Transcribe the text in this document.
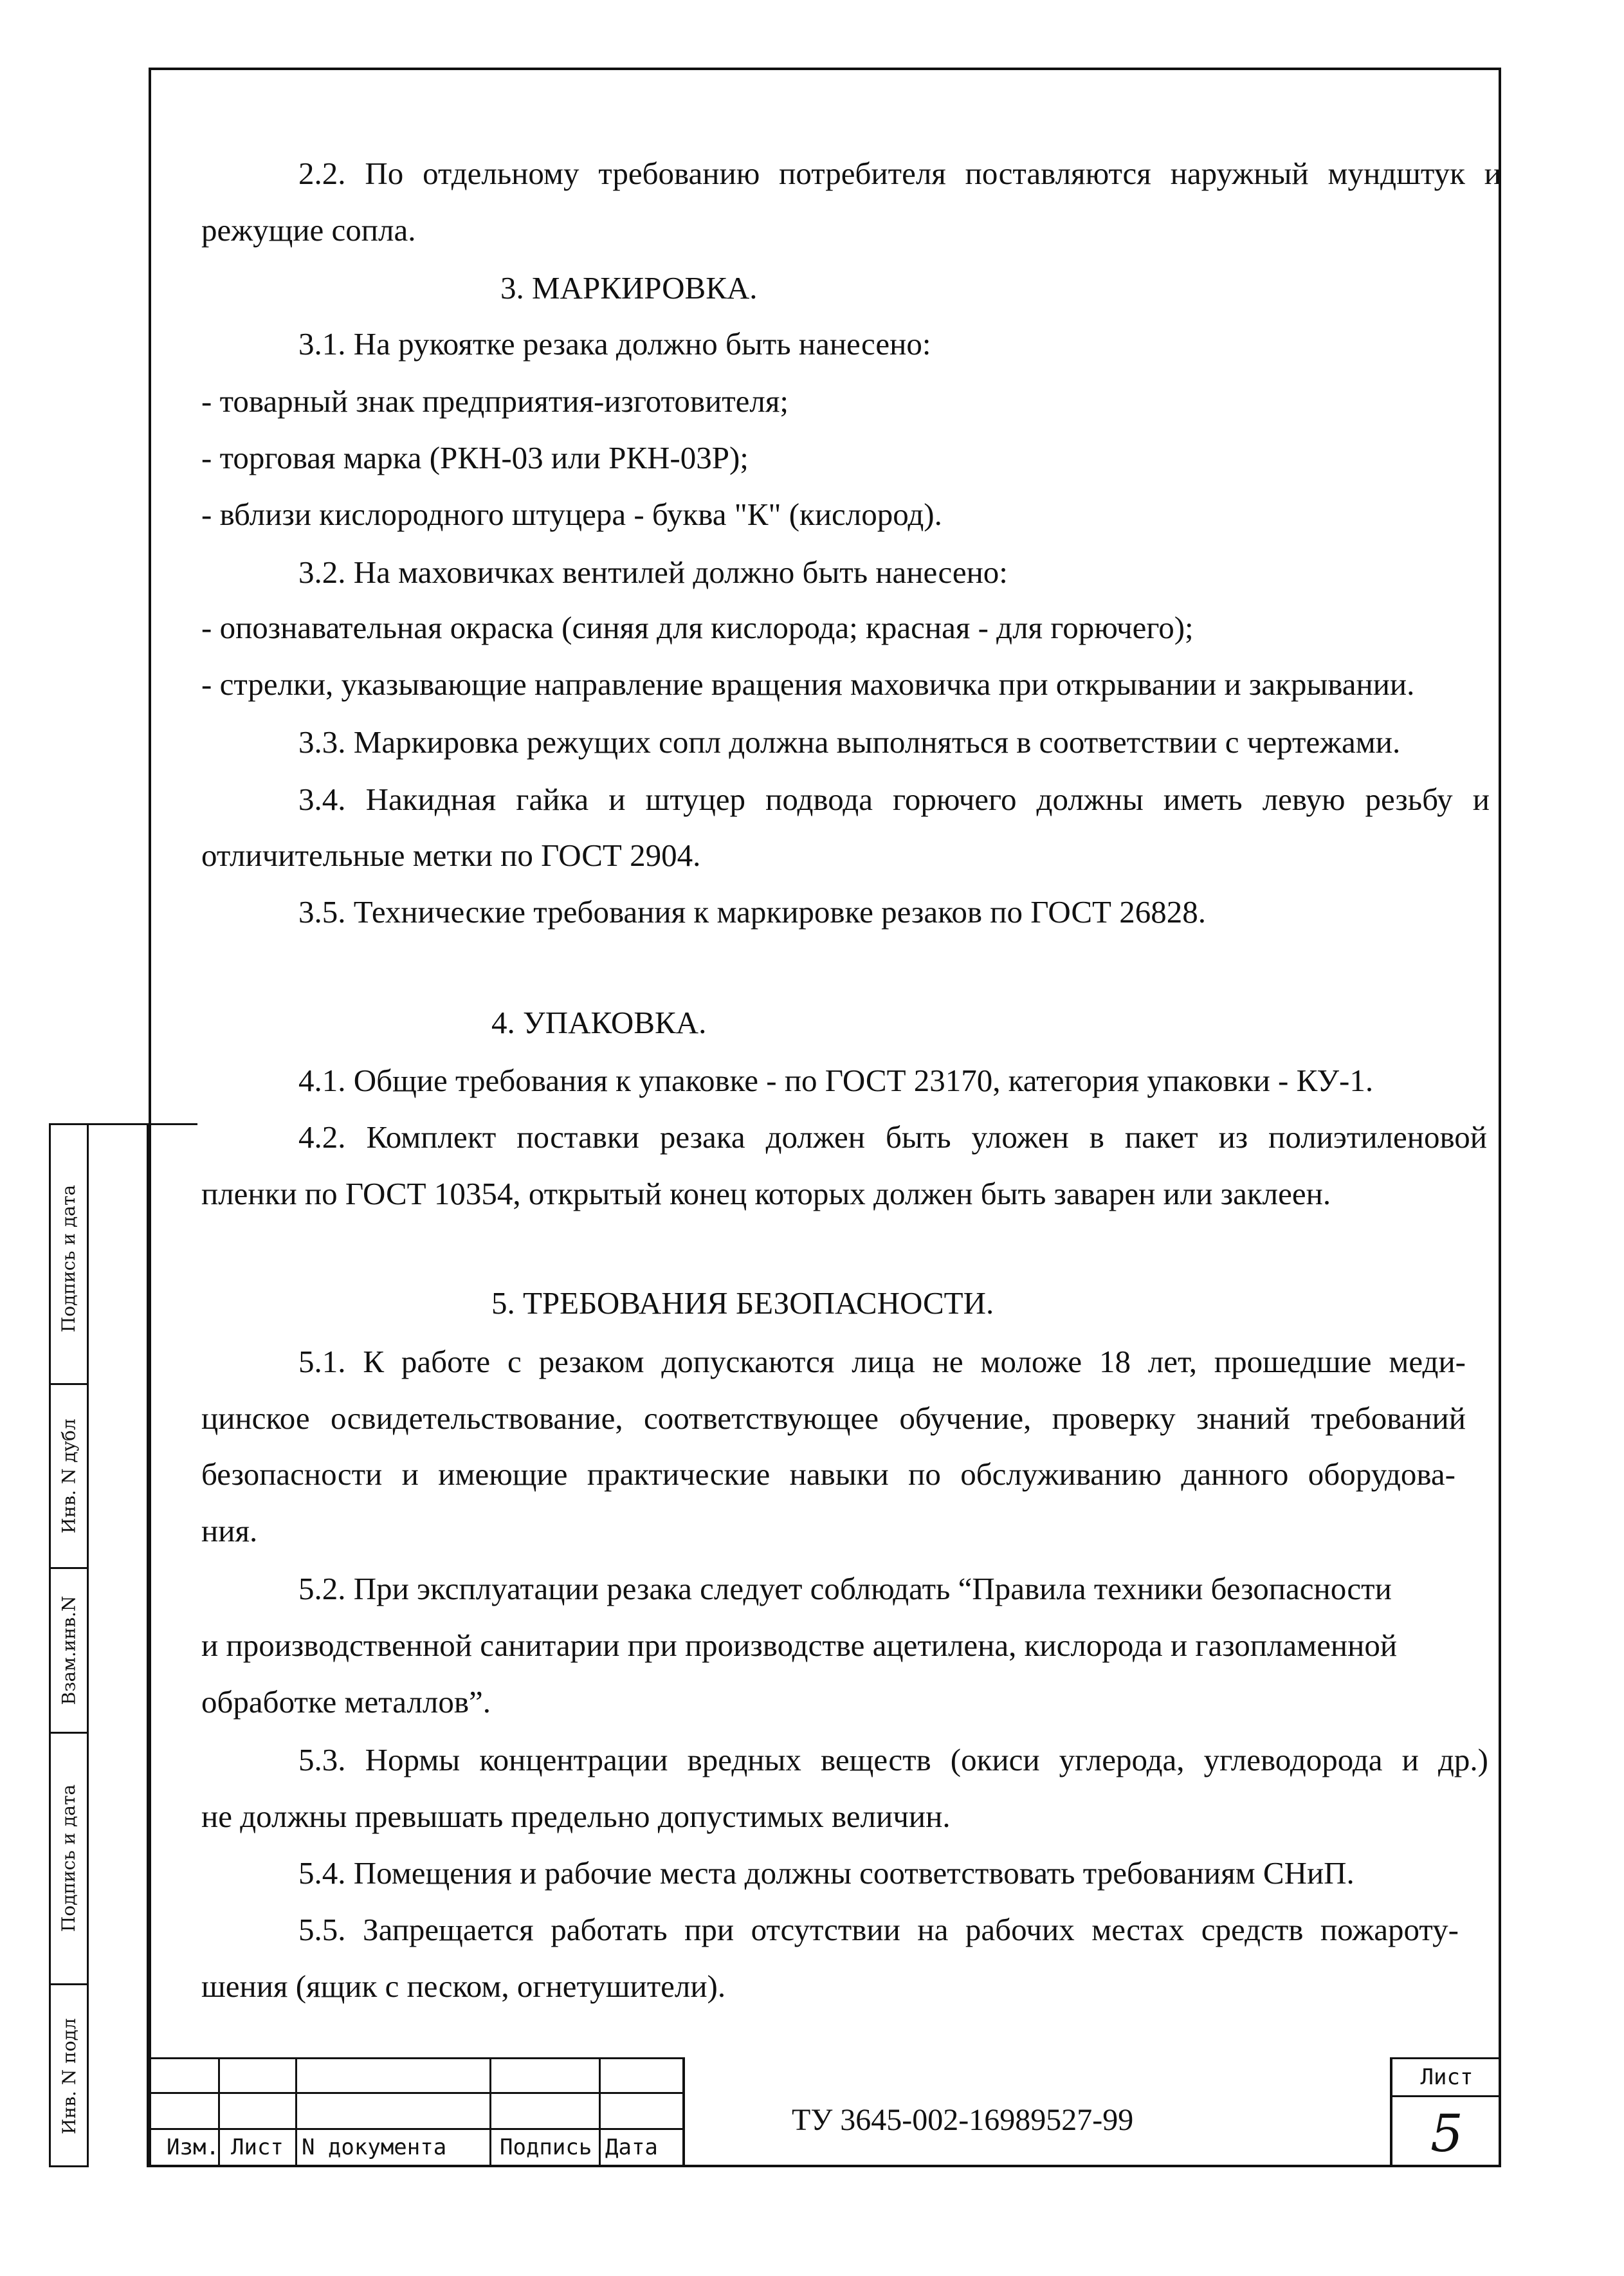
2.2. По отдельному требованию потребителя поставляются наружный мундштук и
режущие сопла.
3. МАРКИРОВКА.
3.1. На рукоятке резака должно быть нанесено:
- товарный знак предприятия-изготовителя;
- торговая марка (РКН-03 или РКН-03Р);
- вблизи кислородного штуцера - буква "К" (кислород).
3.2. На маховичках вентилей должно быть нанесено:
- опознавательная окраска (синяя для кислорода; красная - для горючего);
- стрелки, указывающие направление вращения маховичка при открывании и закрывании.
3.3. Маркировка режущих сопл должна выполняться в соответствии с чертежами.
3.4. Накидная гайка и штуцер подвода горючего должны иметь левую резьбу и
отличительные метки по ГОСТ 2904.
3.5. Технические требования к маркировке резаков по ГОСТ 26828.
4. УПАКОВКА.
4.1. Общие требования к упаковке - по ГОСТ 23170, категория упаковки - КУ-1.
4.2. Комплект поставки резака должен быть уложен в пакет из полиэтиленовой
пленки по ГОСТ 10354, открытый конец которых должен быть заварен или заклеен.
5. ТРЕБОВАНИЯ БЕЗОПАСНОСТИ.
5.1. К работе с резаком допускаются лица не моложе 18 лет, прошедшие меди-
цинское освидетельствование, соответствующее обучение, проверку знаний требований
безопасности и имеющие практические навыки по обслуживанию данного оборудова-
ния.
5.2. При эксплуатации резака следует соблюдать “Правила техники безопасности
и производственной санитарии при производстве ацетилена, кислорода и газопламенной
обработке металлов”.
5.3. Нормы концентрации вредных веществ (окиси углерода, углеводорода и др.)
не должны превышать предельно допустимых величин.
5.4. Помещения и рабочие места должны соответствовать требованиям СНиП.
5.5. Запрещается работать при отсутствии на рабочих местах средств пожароту-
шения (ящик с песком, огнетушители).
Подпись и дата
Инв. N дубл
Взам.инв.N
Подпись и дата
Инв. N подл
Изм. Лист N документа Подпись Дата
ТУ 3645-002-16989527-99
Лист
5
